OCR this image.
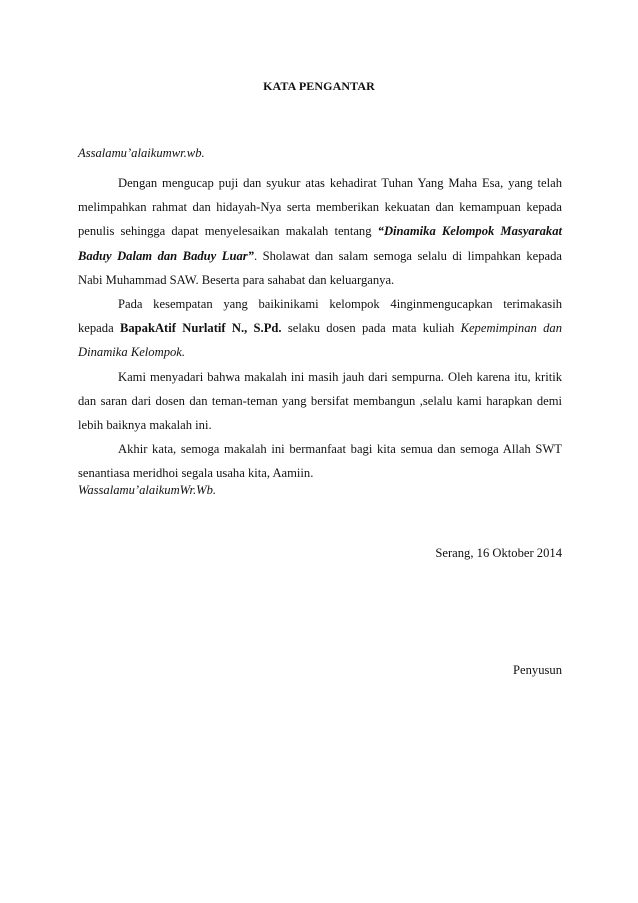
KATA PENGANTAR
Assalamu’alaikumwr.wb.
Dengan mengucap puji dan syukur atas kehadirat Tuhan Yang Maha Esa, yang telah
melimpahkan rahmat dan hidayah-Nya serta memberikan kekuatan dan kemampuan kepada
penulis sehingga dapat menyelesaikan makalah tentang “Dinamika Kelompok Masyarakat
Baduy Dalam dan Baduy Luar”. Sholawat dan salam semoga selalu di limpahkan kepada
Nabi Muhammad SAW. Beserta para sahabat dan keluarganya.
Pada kesempatan yang baikinikami kelompok 4inginmengucapkan terimakasih
kepada BapakAtif Nurlatif N., S.Pd. selaku dosen pada mata kuliah Kepemimpinan dan
Dinamika Kelompok.
Kami menyadari bahwa makalah ini masih jauh dari sempurna. Oleh karena itu, kritik
dan saran dari dosen dan teman-teman yang bersifat membangun ,selalu kami harapkan demi
lebih baiknya makalah ini.
Akhir kata, semoga makalah ini bermanfaat bagi kita semua dan semoga Allah SWT
senantiasa meridhoi segala usaha kita, Aamiin.
Wassalamu’alaikumWr.Wb.
Serang, 16 Oktober 2014
Penyusun
